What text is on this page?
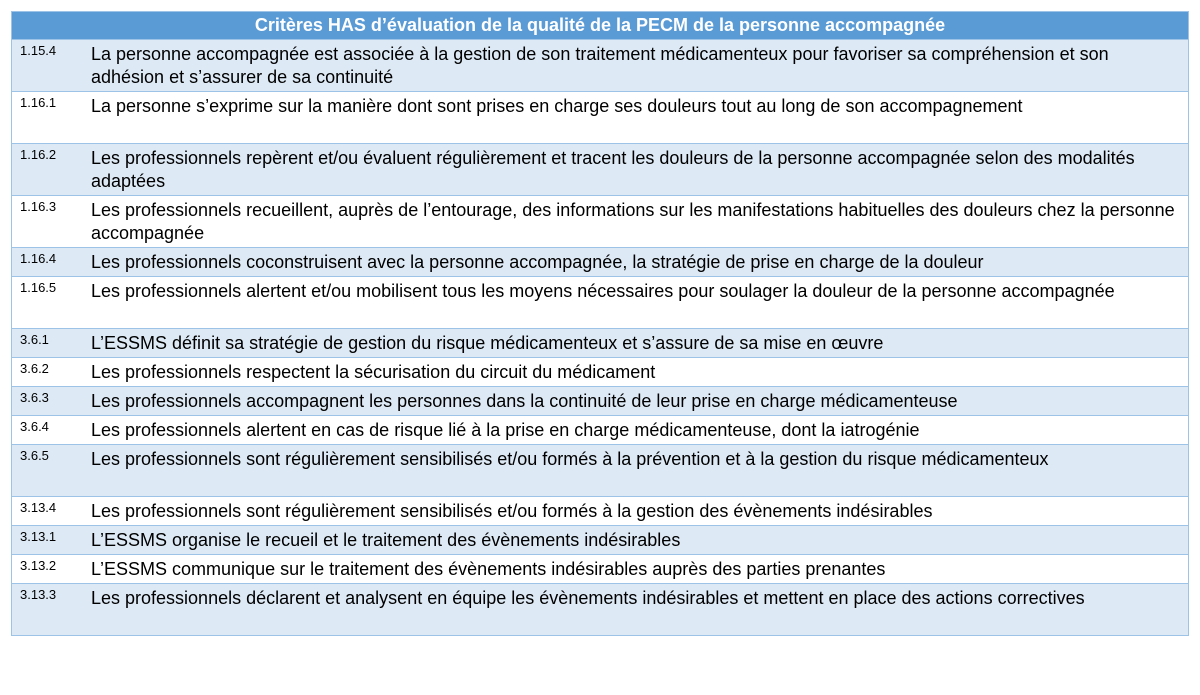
Critères HAS d’évaluation de la qualité de la PECM de la personne accompagnée
1.15.4	La personne accompagnée est associée à la gestion de son traitement médicamenteux pour favoriser sa compréhension et son adhésion et s’assurer de sa continuité
1.16.1	La personne s’exprime sur la manière dont sont prises en charge ses douleurs tout au long de son accompagnement
1.16.2	Les professionnels repèrent et/ou évaluent régulièrement et tracent les douleurs de la personne accompagnée selon des modalités adaptées
1.16.3	Les professionnels recueillent, auprès de l’entourage, des informations sur les manifestations habituelles des douleurs chez la personne accompagnée
1.16.4	Les professionnels coconstruisent avec la personne accompagnée, la stratégie de prise en charge de la douleur
1.16.5	Les professionnels alertent et/ou mobilisent tous les moyens nécessaires pour soulager la douleur de la personne accompagnée
3.6.1	L’ESSMS définit sa stratégie de gestion du risque médicamenteux et s’assure de sa mise en œuvre
3.6.2	Les professionnels respectent la sécurisation du circuit du médicament
3.6.3	Les professionnels accompagnent les personnes dans la continuité de leur prise en charge médicamenteuse
3.6.4	Les professionnels alertent en cas de risque lié à la prise en charge médicamenteuse, dont la iatrogénie
3.6.5	Les professionnels sont régulièrement sensibilisés et/ou formés à la prévention et à la gestion du risque médicamenteux
3.13.4	Les professionnels sont régulièrement sensibilisés et/ou formés à la gestion des évènements indésirables
3.13.1	L’ESSMS organise le recueil et le traitement des évènements indésirables
3.13.2	L’ESSMS communique sur le traitement des évènements indésirables auprès des parties prenantes
3.13.3	Les professionnels déclarent et analysent en équipe les évènements indésirables et mettent en place des actions correctives
